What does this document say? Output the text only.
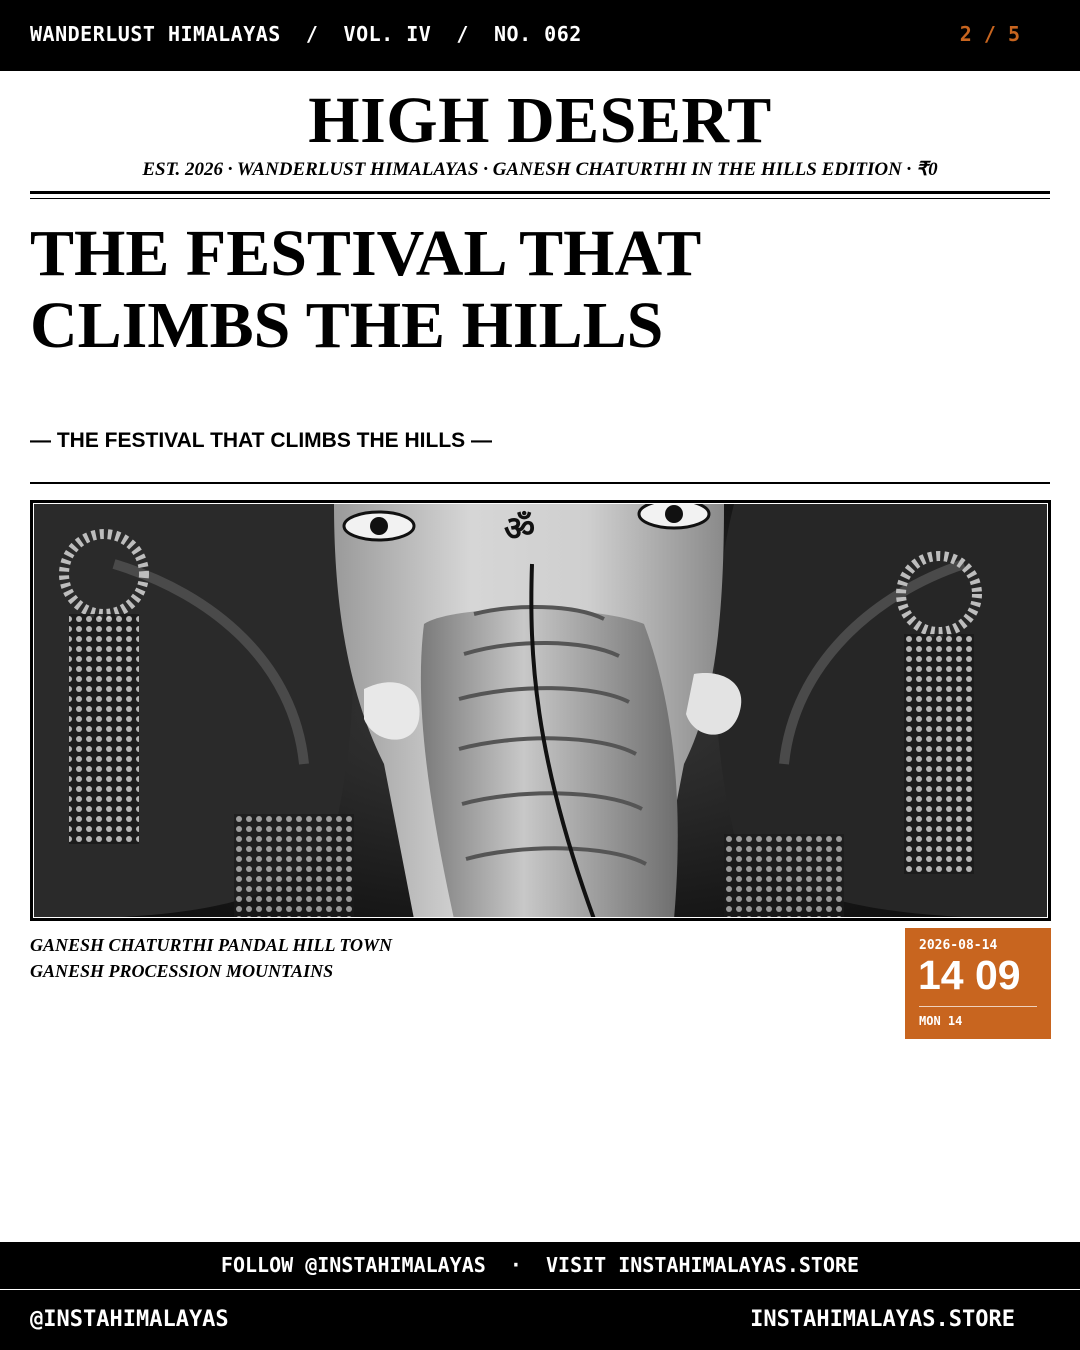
WANDERLUST HIMALAYAS  /  VOL. IV  /  NO. 062	2 / 5
HIGH DESERT
EST. 2026 · WANDERLUST HIMALAYAS · GANESH CHATURTHI IN THE HILLS EDITION · ₹0
THE FESTIVAL THAT CLIMBS THE HILLS
— THE FESTIVAL THAT CLIMBS THE HILLS —
ॐ
GANESH CHATURTHI PANDAL HILL TOWN
GANESH PROCESSION MOUNTAINS
2026-08-14
14 09
MON 14
FOLLOW @INSTAHIMALAYAS  ·  VISIT INSTAHIMALAYAS.STORE
@INSTAHIMALAYAS	INSTAHIMALAYAS.STORE
